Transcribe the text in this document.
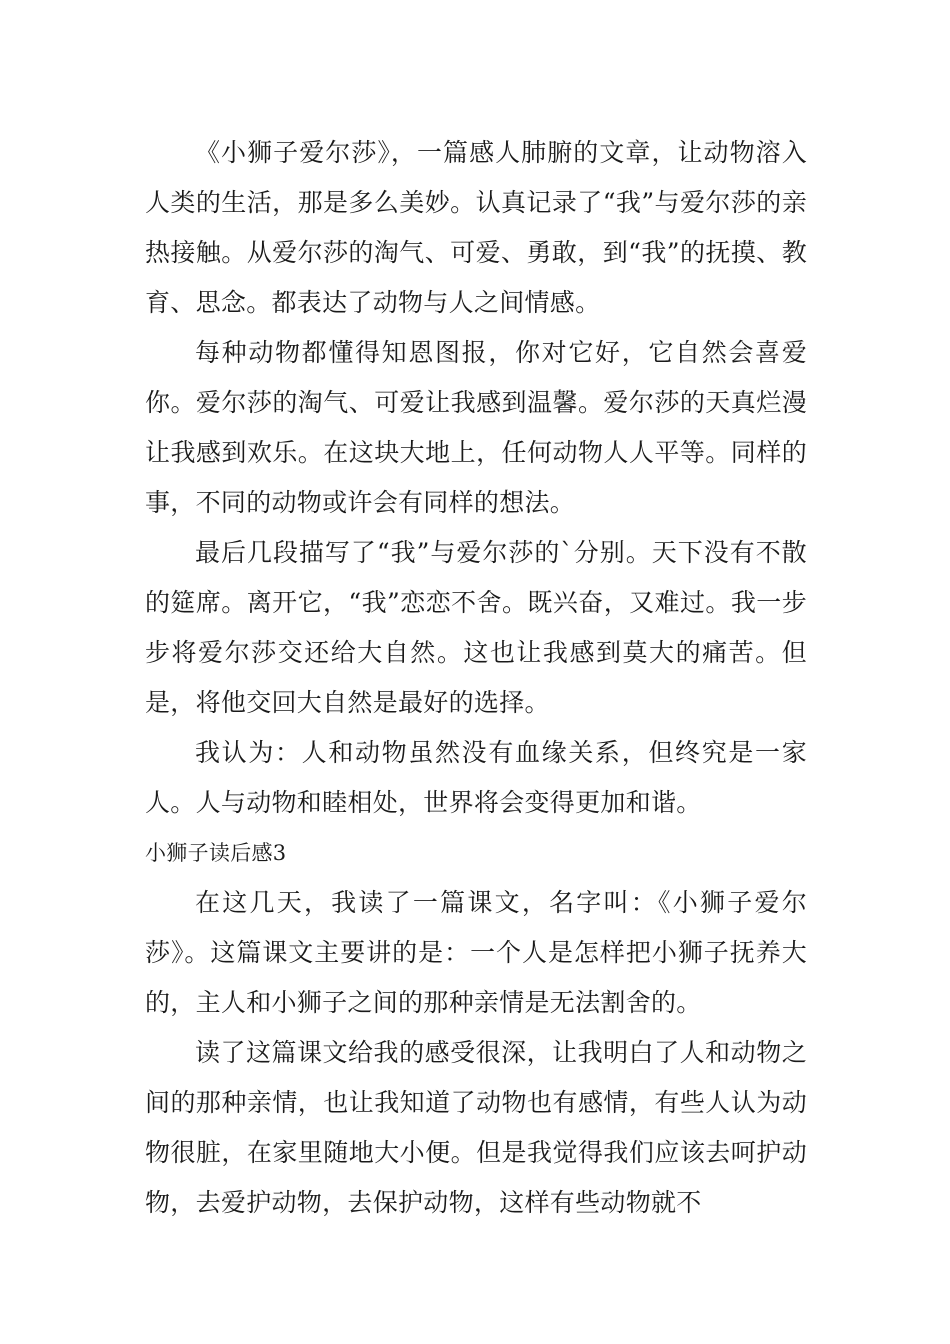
《小狮子爱尔莎》，一篇感人肺腑的文章，让动物溶入人类的生活，那是多么美妙。认真记录了“我”与爱尔莎的亲热接触。从爱尔莎的淘气、可爱、勇敢，到“我”的抚摸、教育、思念。都表达了动物与人之间情感。

每种动物都懂得知恩图报，你对它好，它自然会喜爱你。爱尔莎的淘气、可爱让我感到温馨。爱尔莎的天真烂漫让我感到欢乐。在这块大地上，任何动物人人平等。同样的事，不同的动物或许会有同样的想法。

最后几段描写了“我”与爱尔莎的`分别。天下没有不散的筵席。离开它，“我”恋恋不舍。既兴奋，又难过。我一步步将爱尔莎交还给大自然。这也让我感到莫大的痛苦。但是，将他交回大自然是最好的选择。

我认为：人和动物虽然没有血缘关系，但终究是一家人。人与动物和睦相处，世界将会变得更加和谐。

小狮子读后感3

在这几天，我读了一篇课文，名字叫：《小狮子爱尔莎》。这篇课文主要讲的是：一个人是怎样把小狮子抚养大的，主人和小狮子之间的那种亲情是无法割舍的。

读了这篇课文给我的感受很深，让我明白了人和动物之间的那种亲情，也让我知道了动物也有感情，有些人认为动物很脏，在家里随地大小便。但是我觉得我们应该去呵护动物，去爱护动物，去保护动物，这样有些动物就不
